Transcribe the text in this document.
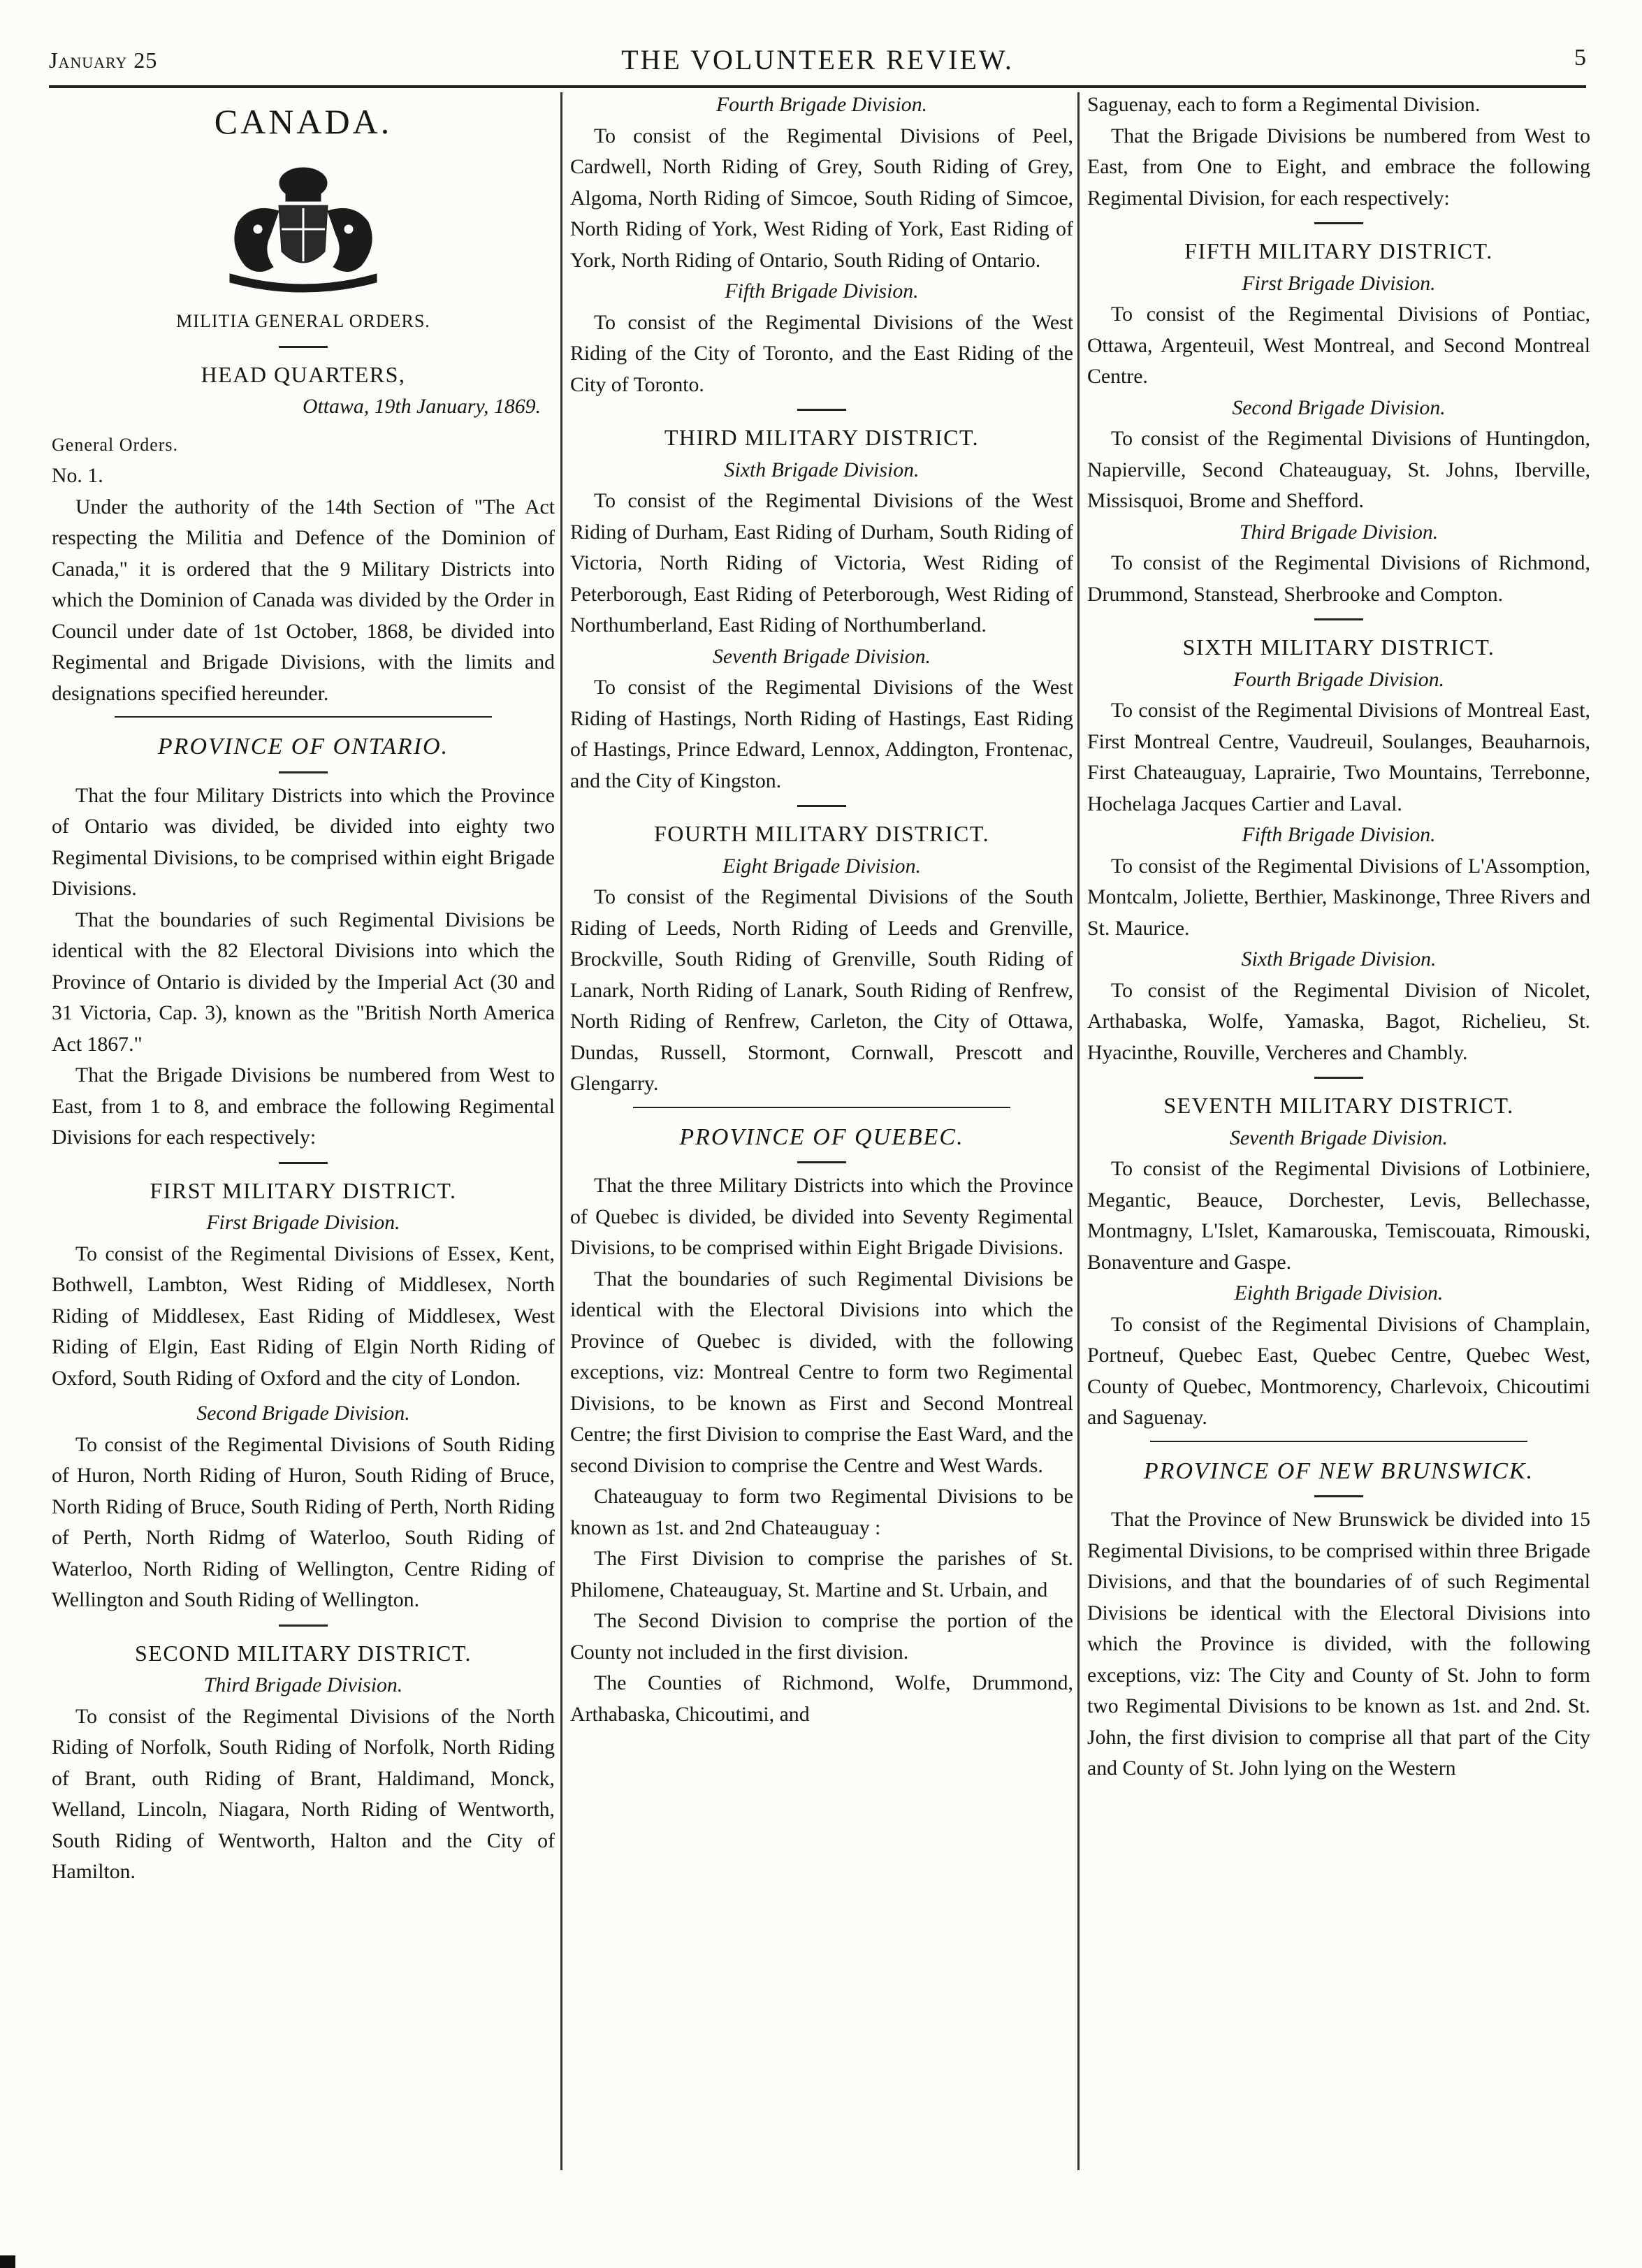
January 25	THE VOLUNTEER REVIEW.	5
CANADA.
MILITIA GENERAL ORDERS.
HEAD QUARTERS,
Ottawa, 19th January, 1869.

General Orders.

No. 1.

Under the authority of the 14th Section of "The Act respecting the Militia and Defence of the Dominion of Canada," it is ordered that the 9 Military Districts into which the Dominion of Canada was divided by the Order in Council under date of 1st October, 1868, be divided into Regimental and Brigade Divisions, with the limits and designations specified hereunder.

PROVINCE OF ONTARIO.

That the four Military Districts into which the Province of Ontario was divided, be divided into eighty two Regimental Divisions, to be comprised within eight Brigade Divisions.

That the boundaries of such Regimental Divisions be identical with the 82 Electoral Divisions into which the Province of Ontario is divided by the Imperial Act (30 and 31 Victoria, Cap. 3), known as the "British North America Act 1867."

That the Brigade Divisions be numbered from West to East, from 1 to 8, and embrace the following Regimental Divisions for each respectively:

FIRST MILITARY DISTRICT.
First Brigade Division.

To consist of the Regimental Divisions of Essex, Kent, Bothwell, Lambton, West Riding of Middlesex, North Riding of Middlesex, East Riding of Middlesex, West Riding of Elgin, East Riding of Elgin North Riding of Oxford, South Riding of Oxford and the city of London.

Second Brigade Division.

To consist of the Regimental Divisions of South Riding of Huron, North Riding of Huron, South Riding of Bruce, North Riding of Bruce, South Riding of Perth, North Riding of Perth, North Ridmg of Waterloo, South Riding of Waterloo, North Riding of Wellington, Centre Riding of Wellington and South Riding of Wellington.

SECOND MILITARY DISTRICT.
Third Brigade Division.

To consist of the Regimental Divisions of the North Riding of Norfolk, South Riding of Norfolk, North Riding of Brant, outh Riding of Brant, Haldimand, Monck, Welland, Lincoln, Niagara, North Riding of Wentworth, South Riding of Wentworth, Halton and the City of Hamilton.

Fourth Brigade Division.

To consist of the Regimental Divisions of Peel, Cardwell, North Riding of Grey, South Riding of Grey, Algoma, North Riding of Simcoe, South Riding of Simcoe, North Riding of York, West Riding of York, East Riding of York, North Riding of Ontario, South Riding of Ontario.

Fifth Brigade Division.

To consist of the Regimental Divisions of the West Riding of the City of Toronto, and the East Riding of the City of Toronto.

THIRD MILITARY DISTRICT.
Sixth Brigade Division.

To consist of the Regimental Divisions of the West Riding of Durham, East Riding of Durham, South Riding of Victoria, North Riding of Victoria, West Riding of Peterborough, East Riding of Peterborough, West Riding of Northumberland, East Riding of Northumberland.

Seventh Brigade Division.

To consist of the Regimental Divisions of the West Riding of Hastings, North Riding of Hastings, East Riding of Hastings, Prince Edward, Lennox, Addington, Frontenac, and the City of Kingston.

FOURTH MILITARY DISTRICT.
Eight Brigade Division.

To consist of the Regimental Divisions of the South Riding of Leeds, North Riding of Leeds and Grenville, Brockville, South Riding of Grenville, South Riding of Lanark, North Riding of Lanark, South Riding of Renfrew, North Riding of Renfrew, Carleton, the City of Ottawa, Dundas, Russell, Stormont, Cornwall, Prescott and Glengarry.

PROVINCE OF QUEBEC.

That the three Military Districts into which the Province of Quebec is divided, be divided into Seventy Regimental Divisions, to be comprised within Eight Brigade Divisions.

That the boundaries of such Regimental Divisions be identical with the Electoral Divisions into which the Province of Quebec is divided, with the following exceptions, viz: Montreal Centre to form two Regimental Divisions, to be known as First and Second Montreal Centre; the first Division to comprise the East Ward, and the second Division to comprise the Centre and West Wards.

Chateauguay to form two Regimental Divisions to be known as 1st. and 2nd Chateauguay :

The First Division to comprise the parishes of St. Philomene, Chateauguay, St. Martine and St. Urbain, and

The Second Division to comprise the portion of the County not included in the first division.

The Counties of Richmond, Wolfe, Drummond, Arthabaska, Chicoutimi, and

Saguenay, each to form a Regimental Division.

That the Brigade Divisions be numbered from West to East, from One to Eight, and embrace the following Regimental Division, for each respectively:

FIFTH MILITARY DISTRICT.
First Brigade Division.

To consist of the Regimental Divisions of Pontiac, Ottawa, Argenteuil, West Montreal, and Second Montreal Centre.

Second Brigade Division.

To consist of the Regimental Divisions of Huntingdon, Napierville, Second Chateauguay, St. Johns, Iberville, Missisquoi, Brome and Shefford.

Third Brigade Division.

To consist of the Regimental Divisions of Richmond, Drummond, Stanstead, Sherbrooke and Compton.

SIXTH MILITARY DISTRICT.
Fourth Brigade Division.

To consist of the Regimental Divisions of Montreal East, First Montreal Centre, Vaudreuil, Soulanges, Beauharnois, First Chateauguay, Laprairie, Two Mountains, Terrebonne, Hochelaga Jacques Cartier and Laval.

Fifth Brigade Division.

To consist of the Regimental Divisions of L'Assomption, Montcalm, Joliette, Berthier, Maskinonge, Three Rivers and St. Maurice.

Sixth Brigade Division.

To consist of the Regimental Division of Nicolet, Arthabaska, Wolfe, Yamaska, Bagot, Richelieu, St. Hyacinthe, Rouville, Vercheres and Chambly.

SEVENTH MILITARY DISTRICT.
Seventh Brigade Division.

To consist of the Regimental Divisions of Lotbiniere, Megantic, Beauce, Dorchester, Levis, Bellechasse, Montmagny, L'Islet, Kamarouska, Temiscouata, Rimouski, Bonaventure and Gaspe.

Eighth Brigade Division.

To consist of the Regimental Divisions of Champlain, Portneuf, Quebec East, Quebec Centre, Quebec West, County of Quebec, Montmorency, Charlevoix, Chicoutimi and Saguenay.

PROVINCE OF NEW BRUNSWICK.

That the Province of New Brunswick be divided into 15 Regimental Divisions, to be comprised within three Brigade Divisions, and that the boundaries of of such Regimental Divisions be identical with the Electoral Divisions into which the Province is divided, with the following exceptions, viz: The City and County of St. John to form two Regimental Divisions to be known as 1st. and 2nd. St. John, the first division to comprise all that part of the City and County of St. John lying on the Western
